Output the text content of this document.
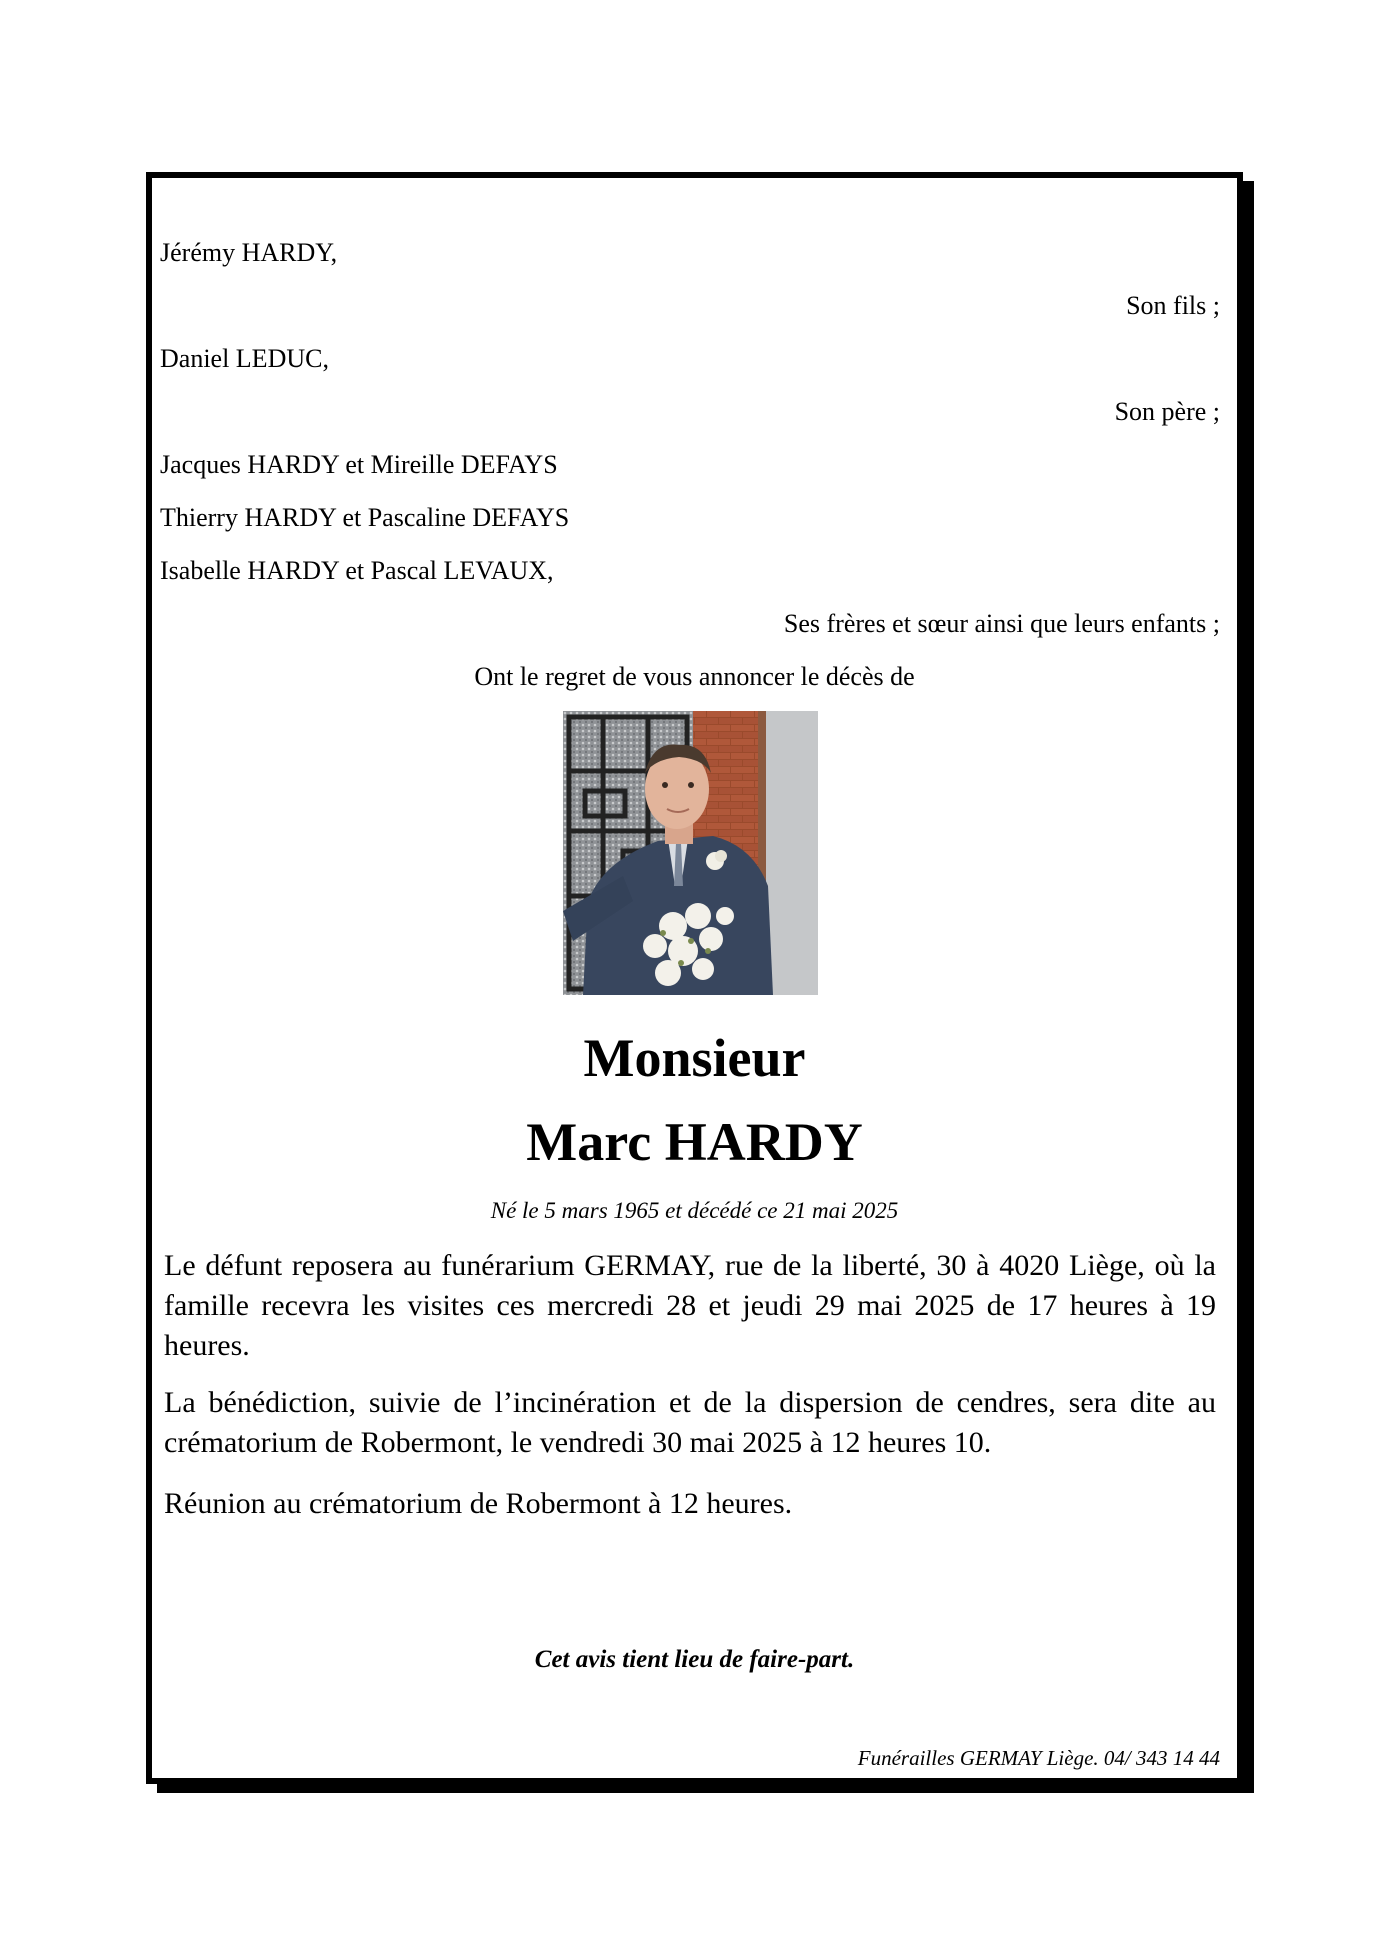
Jérémy HARDY,
Son fils ;
Daniel LEDUC,
Son père ;
Jacques HARDY et Mireille DEFAYS
Thierry HARDY et Pascaline DEFAYS
Isabelle HARDY et Pascal LEVAUX,
Ses frères et sœur ainsi que leurs enfants ;
Ont le regret de vous annoncer le décès de
Monsieur
Marc HARDY
Né le 5 mars 1965 et décédé ce 21 mai 2025
Le défunt reposera au funérarium GERMAY, rue de la liberté, 30 à 4020 Liège, où la famille recevra les visites ces mercredi 28 et jeudi 29 mai 2025 de 17 heures à 19 heures.
La bénédiction, suivie de l’incinération et de la dispersion de cendres, sera dite au crématorium de Robermont, le vendredi 30 mai 2025 à 12 heures 10.
Réunion au crématorium de Robermont à 12 heures.
Cet avis tient lieu de faire-part.
Funérailles GERMAY Liège. 04/ 343 14 44
